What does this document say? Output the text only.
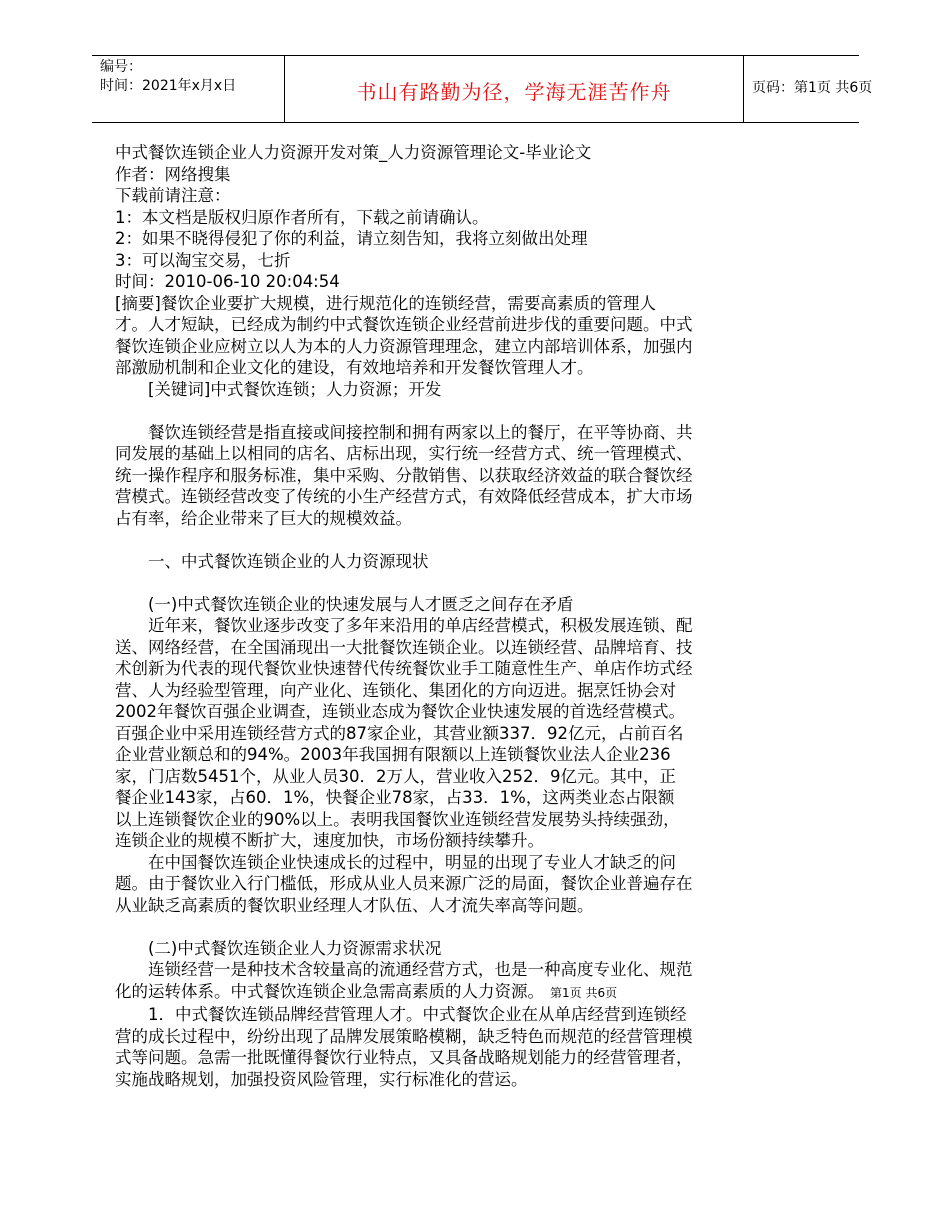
编号：
时间：2021年x月x日	书山有路勤为径，学海无涯苦作舟	页码：第1页 共6页

中式餐饮连锁企业人力资源开发对策_人力资源管理论文-毕业论文

作者：网络搜集

下载前请注意：

1：本文档是版权归原作者所有，下载之前请确认。

2：如果不晓得侵犯了你的利益，请立刻告知，我将立刻做出处理

3：可以淘宝交易，七折

时间：2010-06-10 20:04:54

[摘要]餐饮企业要扩大规模，进行规范化的连锁经营，需要高素质的管理人

才。人才短缺，已经成为制约中式餐饮连锁企业经营前进步伐的重要问题。中式

餐饮连锁企业应树立以人为本的人力资源管理理念，建立内部培训体系，加强内

部激励机制和企业文化的建设，有效地培养和开发餐饮管理人才。

[关键词]中式餐饮连锁；人力资源；开发

餐饮连锁经营是指直接或间接控制和拥有两家以上的餐厅，在平等协商、共

同发展的基础上以相同的店名、店标出现，实行统一经营方式、统一管理模式、

统一操作程序和服务标准，集中采购、分散销售、以获取经济效益的联合餐饮经

营模式。连锁经营改变了传统的小生产经营方式，有效降低经营成本，扩大市场

占有率，给企业带来了巨大的规模效益。

一、中式餐饮连锁企业的人力资源现状

(一)中式餐饮连锁企业的快速发展与人才匮乏之间存在矛盾

近年来，餐饮业逐步改变了多年来沿用的单店经营模式，积极发展连锁、配

送、网络经营，在全国涌现出一大批餐饮连锁企业。以连锁经营、品牌培育、技

术创新为代表的现代餐饮业快速替代传统餐饮业手工随意性生产、单店作坊式经

营、人为经验型管理，向产业化、连锁化、集团化的方向迈进。据烹饪协会对

2002年餐饮百强企业调查，连锁业态成为餐饮企业快速发展的首选经营模式。

百强企业中采用连锁经营方式的87家企业，其营业额337．92亿元，占前百名

企业营业额总和的94%。2003年我国拥有限额以上连锁餐饮业法人企业236

家，门店数5451个，从业人员30．2万人，营业收入252．9亿元。其中，正

餐企业143家，占60．1%，快餐企业78家，占33．1%，这两类业态占限额

以上连锁餐饮企业的90%以上。表明我国餐饮业连锁经营发展势头持续强劲，

连锁企业的规模不断扩大，速度加快，市场份额持续攀升。

在中国餐饮连锁企业快速成长的过程中，明显的出现了专业人才缺乏的问

题。由于餐饮业入行门槛低，形成从业人员来源广泛的局面，餐饮企业普遍存在

从业缺乏高素质的餐饮职业经理人才队伍、人才流失率高等问题。

(二)中式餐饮连锁企业人力资源需求状况

连锁经营一是种技术含较量高的流通经营方式，也是一种高度专业化、规范

化的运转体系。中式餐饮连锁企业急需高素质的人力资源。 第1页 共6页

1．中式餐饮连锁品牌经营管理人才。中式餐饮企业在从单店经营到连锁经

营的成长过程中，纷纷出现了品牌发展策略模糊，缺乏特色而规范的经营管理模

式等问题。急需一批既懂得餐饮行业特点，又具备战略规划能力的经营管理者，

实施战略规划，加强投资风险管理，实行标准化的营运。
